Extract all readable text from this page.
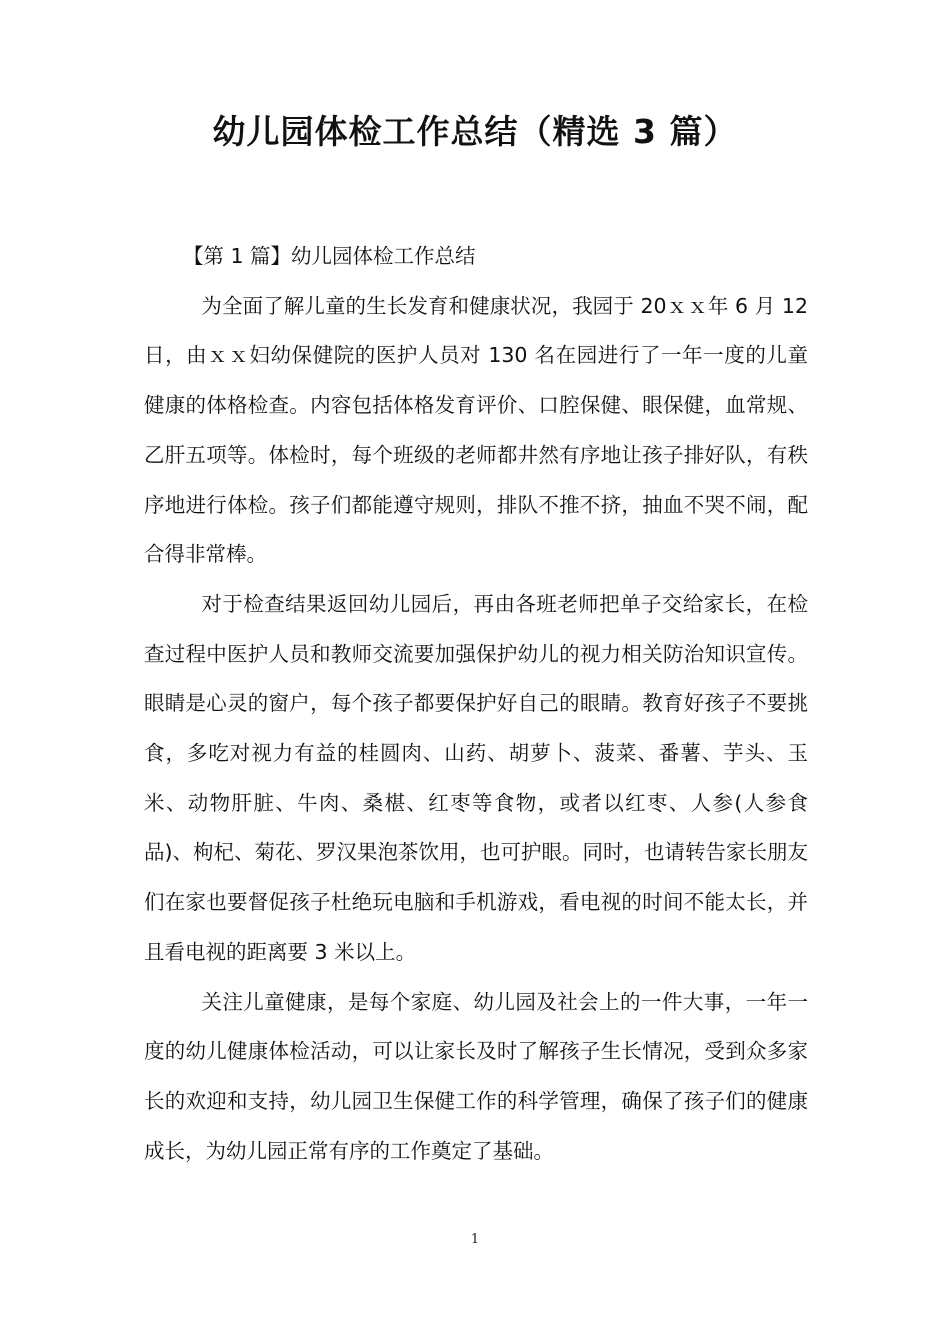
幼儿园体检工作总结（精选 3 篇）

【第 1 篇】幼儿园体检工作总结

为全面了解儿童的生长发育和健康状况，我园于 20ｘｘ年 6 月 12 日，由ｘｘ妇幼保健院的医护人员对 130 名在园进行了一年一度的儿童健康的体格检查。内容包括体格发育评价、口腔保健、眼保健，血常规、乙肝五项等。体检时，每个班级的老师都井然有序地让孩子排好队，有秩序地进行体检。孩子们都能遵守规则，排队不推不挤，抽血不哭不闹，配合得非常棒。

对于检查结果返回幼儿园后，再由各班老师把单子交给家长，在检查过程中医护人员和教师交流要加强保护幼儿的视力相关防治知识宣传。眼睛是心灵的窗户，每个孩子都要保护好自己的眼睛。教育好孩子不要挑食，多吃对视力有益的桂圆肉、山药、胡萝卜、菠菜、番薯、芋头、玉米、动物肝脏、牛肉、桑椹、红枣等食物，或者以红枣、人参(人参食品)、枸杞、菊花、罗汉果泡茶饮用，也可护眼。同时，也请转告家长朋友们在家也要督促孩子杜绝玩电脑和手机游戏，看电视的时间不能太长，并且看电视的距离要 3 米以上。

关注儿童健康，是每个家庭、幼儿园及社会上的一件大事，一年一度的幼儿健康体检活动，可以让家长及时了解孩子生长情况，受到众多家长的欢迎和支持，幼儿园卫生保健工作的科学管理，确保了孩子们的健康成长，为幼儿园正常有序的工作奠定了基础。

1
